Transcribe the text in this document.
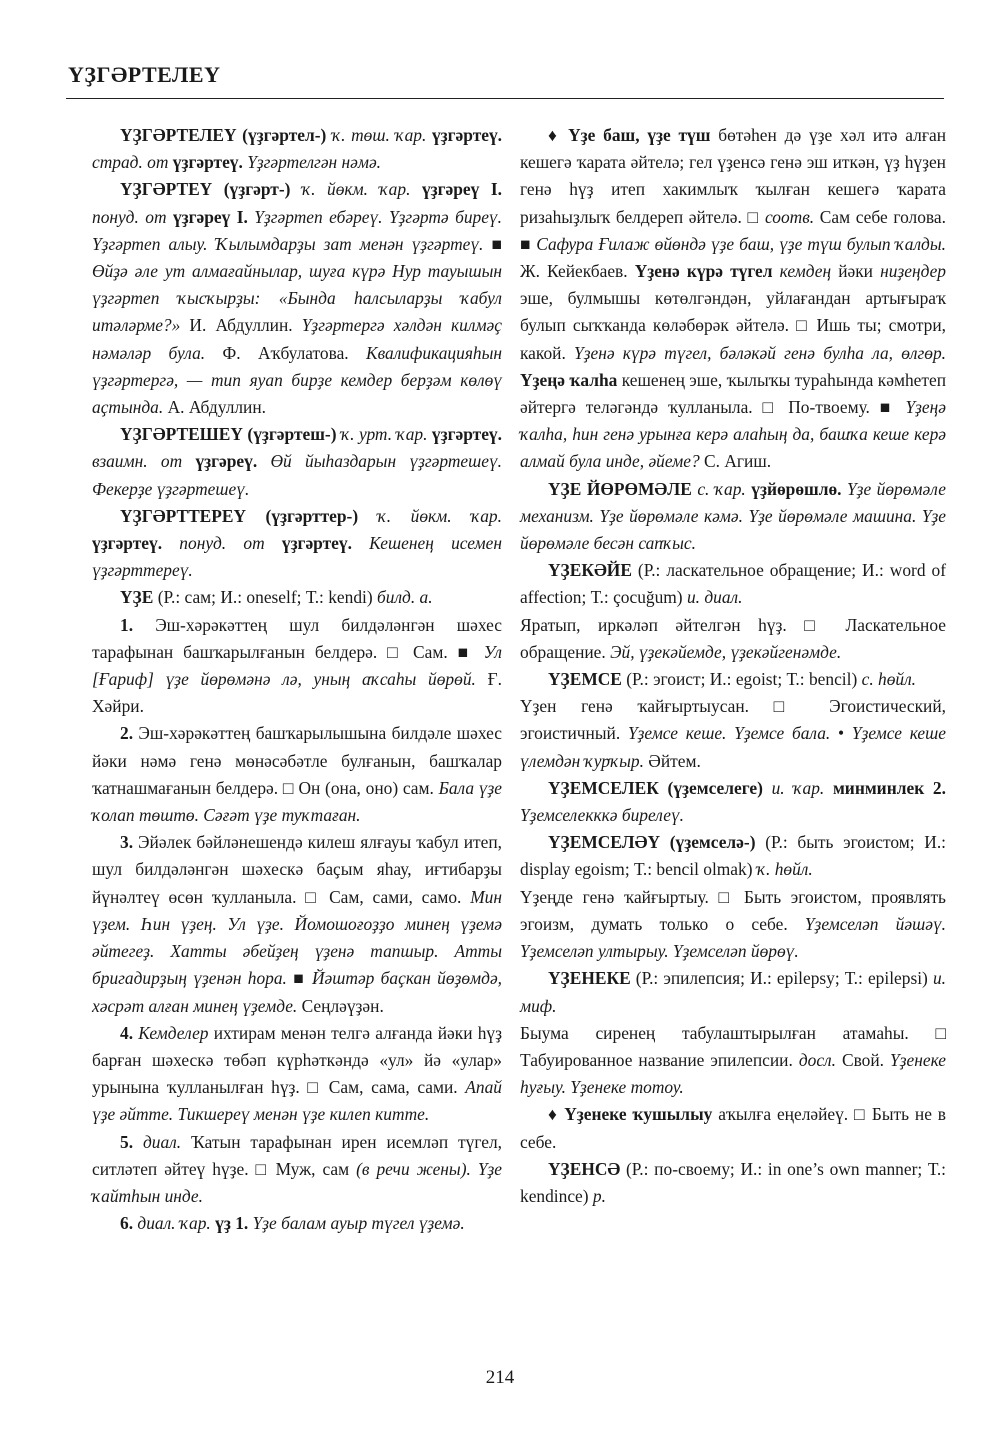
ҮҘГӘРТЕЛЕҮ

ҮҘГӘРТЕЛЕҮ (үҙгәртел-) ҡ. төш. ҡар. үҙгәртеү. страд. от үҙгәртеү. Үҙгәртелгән нәмә.

ҮҘГӘРТЕҮ (үҙгәрт-) ҡ. йөкм. ҡар. үҙгәреү I. понуд. от үҙгәреү I. Үҙгәртеп ебәреү. Үҙгәртә биреү. Үҙгәртеп алыу. Ҡылымдарҙы зат менән үҙгәртеү. ■ Өйҙә әле ут алмағайнылар, шуға күрә Нур тауышын үҙгәртеп ҡысҡырҙы: «Бында һалсыларҙы ҡабул итәләрме?» И. Абдуллин. Үҙгәртергә хәлдән килмәҫ нәмәләр була. Ф. Аҡбулатова. Квалификацияһын үҙгәртергә, — тип яуап бирҙе кемдер берҙәм көлөү аҫтында. А. Абдуллин.

ҮҘГӘРТЕШЕҮ (үҙгәртеш-) ҡ. урт. ҡар. үҙгәртеү. взаимн. от үҙгәреү. Өй йыһаздарын үҙгәртешеү. Фекерҙе үҙгәртешеү.

ҮҘГӘРТТЕРЕҮ (үҙгәрттер-) ҡ. йөкм. ҡар. үҙгәртеү. понуд. от үҙгәртеү. Кешенең исемен үҙгәрттереү.

ҮҘЕ (Р.: сам; И.: oneself; Т.: kendi) билд. а.

1. Эш-хәрәкәттең шул билдәләнгән шәхес тарафынан башҡарылғанын белдерә. □ Сам. ■ Ул [Ғариф] үҙе йөрөмәнә лә, уның аҡсаһы йөрөй. Ғ. Хәйри.

2. Эш-хәрәкәттең башҡарылышына билдәле шәхес йәки нәмә генә мөнәсәбәтле булғанын, башҡалар ҡатнашмағанын белдерә. □ Он (она, оно) сам. Бала үҙе ҡолап төштө. Сәғәт үҙе туҡтаған.

3. Эйәлек бәйләнешендә килеш ялғауы ҡабул итеп, шул билдәләнгән шәхескә баҫым яһау, иғтибарҙы йүнәлтеү өсөн ҡулланыла. □ Сам, сами, само. Мин үҙем. Һин үҙең. Ул үҙе. Йомошоғоҙҙо минең үҙемә әйтегеҙ. Хатты әбейҙең үҙенә тапшыр. Атты бригадирҙың үҙенән һора. ■ Йәштәр баҫкан йөҙөмдә, хәсрәт алған минең үҙемде. Сеңләүҙән.

4. Кемделер ихтирам менән телгә алғанда йәки һүҙ барған шәхескә төбәп күрһәткәндә «ул» йә «улар» урынына ҡулланылған һүҙ. □ Сам, сама, сами. Апай үҙе әйтте. Тикшереү менән үҙе килеп китте.

5. диал. Ҡатын тарафынан ирен исемләп түгел, ситләтеп әйтеү һүҙе. □ Муж, сам (в речи жены). Үҙе ҡайтһын инде.

6. диал. ҡар. үҙ 1. Үҙе балам ауыр түгел үҙемә.

♦ Үҙе баш, үҙе түш бөтәһен дә үҙе хәл итә алған кешегә ҡарата әйтелә; гел үҙенсә генә эш иткән, үҙ һүҙен генә һүҙ итеп хакимлыҡ ҡылған кешегә ҡарата ризаһыҙлыҡ белдереп әйтелә. □ соотв. Сам себе голова. ■ Сафура Ғилаж өйөндә үҙе баш, үҙе түш булып ҡалды. Ж. Кейекбаев. Үҙенә күрә түгел кемдең йәки ниҙеңдер эше, булмышы көтөлгәндән, уйлағандан артығыраҡ булып сыҡҡанда көләбөрәк әйтелә. □ Ишь ты; смотри, какой. Үҙенә күрә түгел, бәләкәй генә булһа ла, өлгөр. Үҙеңә ҡалһа кешенең эше, ҡылыҡы тураһында кәмһетеп әйтергә теләгәндә ҡулланыла. □ По-твоему. ■ Үҙеңә ҡалһа, һин генә урынға керә алаһың да, башҡа кеше керә алмай була инде, әйеме? С. Агиш.

ҮҘЕ ЙӨРӨМӘЛЕ с. ҡар. үҙйөрөшлө. Үҙе йөрөмәле механизм. Үҙе йөрөмәле кәмә. Үҙе йөрөмәле машина. Үҙе йөрөмәле бесән сапҡыс.

ҮҘЕКӘЙЕ (Р.: ласкательное обращение; И.: word of affection; Т.: çocuğum) и. диал.

Яратып, иркәләп әйтелгән һүҙ. □ Ласкательное обращение. Эй, үҙекәйемде, үҙекәйгенәмде.

ҮҘЕМСЕ (Р.: эгоист; И.: egoist; Т.: bencil) с. һөйл.

Үҙен генә ҡайғыртыусан. □ Эгоистический, эгоистичный. Үҙемсе кеше. Үҙемсе бала. • Үҙемсе кеше үлемдән ҡурҡыр. Әйтем.

ҮҘЕМСЕЛЕК (үҙемселеге) и. ҡар. минминлек 2. Үҙемселекккә бирелеү.

ҮҘЕМСЕЛӘҮ (үҙемселә-) (Р.: быть эгоистом; И.: display egoism; Т.: bencil olmak) ҡ. һөйл.

Үҙеңде генә ҡайғыртыу. □ Быть эгоистом, проявлять эгоизм, думать только о себе. Үҙемселәп йәшәү. Үҙемселәп ултырыу. Үҙемселәп йөрөү.

ҮҘЕНЕКЕ (Р.: эпилепсия; И.: epilepsy; Т.: epilepsi) и. миф.

Быума сиренең табулаштырылған атамаһы. □ Табуированное название эпилепсии. досл. Свой. Үҙенеке һуғыу. Үҙенеке тотоу.

♦ Үҙенеке ҡушылыу аҡылға еңеләйеү. □ Быть не в себе.

ҮҘЕНСӘ (Р.: по-своему; И.: in one’s own manner; Т.: kendince) р.

214
